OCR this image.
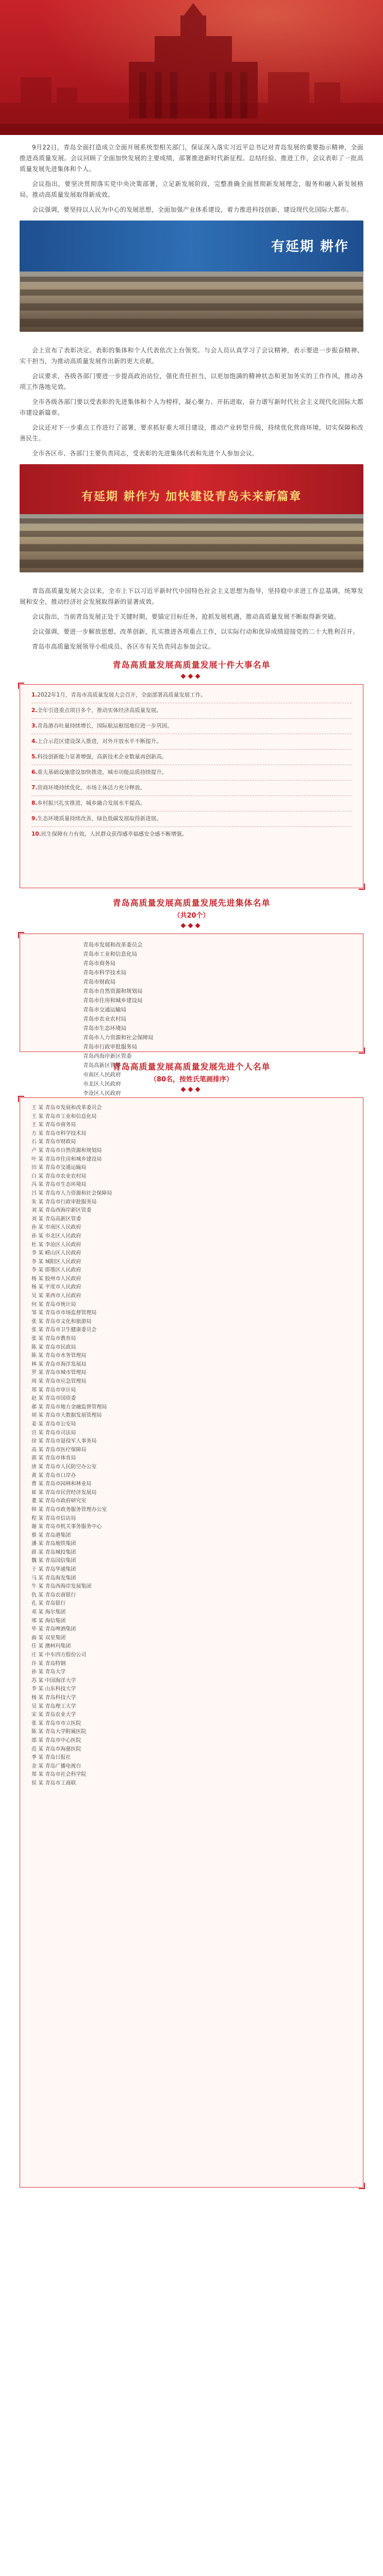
9月22日，青岛全面打造成立全面开展系统型相关部门，保证深入落实习近平总书记对青岛发展的重要指示精神，全面推进高质量发展。会议回顾了全面加快发展的主要成绩，部署推进新时代新征程。总结经验、推进工作，会议表彰了一批高质量发展先进集体和个人。

会议指出，要坚决贯彻落实党中央决策部署，立足新发展阶段，完整准确全面贯彻新发展理念，服务和融入新发展格局。推动高质量发展取得新成效。

会议强调，要坚持以人民为中心的发展思想，全面加强产业体系建设，着力推进科技创新，建设现代化国际大都市。

有延期 耕作

会上宣布了表彰决定。表彰的集体和个人代表依次上台领奖。与会人员认真学习了会议精神，表示要进一步振奋精神、实干担当，为推动高质量发展作出新的更大贡献。

会议要求，各级各部门要进一步提高政治站位，强化责任担当，以更加饱满的精神状态和更加务实的工作作风，推动各项工作落地见效。

全市各级各部门要以受表彰的先进集体和个人为榜样，凝心聚力、开拓进取，奋力谱写新时代社会主义现代化国际大都市建设新篇章。

会议还对下一步重点工作进行了部署，要求抓好重大项目建设，推动产业转型升级，持续优化营商环境，切实保障和改善民生。

全市各区市、各部门主要负责同志，受表彰的先进集体代表和先进个人参加会议。

有延期 耕作为 加快建设青岛未来新篇章

青岛高质量发展大会以来，全市上下以习近平新时代中国特色社会主义思想为指导，坚持稳中求进工作总基调，统筹发展和安全，推动经济社会发展取得新的显著成效。

会议指出，当前青岛发展正处于关键时期，要锚定目标任务，抢抓发展机遇，推动高质量发展不断取得新突破。

会议强调，要进一步解放思想、改革创新，扎实推进各项重点工作，以实际行动和优异成绩迎接党的二十大胜利召开。

青岛市高质量发展领导小组成员、各区市有关负责同志参加会议。

青岛高质量发展高质量发展十件大事名单
◆◆◆

1.2022年1月，青岛市高质量发展大会召开，全面部署高质量发展工作。

2.全年引进重点项目多个，推动实体经济高质量发展。

3.青岛港吞吐量持续增长，国际航运枢纽地位进一步巩固。

4.上合示范区建设深入推进，对外开放水平不断提升。

5.科技创新能力显著增强，高新技术企业数量再创新高。

6.重大基础设施建设加快推进，城市功能品质持续提升。

7.营商环境持续优化，市场主体活力充分释放。

8.乡村振兴扎实推进，城乡融合发展水平提高。

9.生态环境质量持续改善，绿色低碳发展取得新进展。

10.民生保障有力有效，人民群众获得感幸福感安全感不断增强。

青岛高质量发展高质量发展先进集体名单
（共20个）
◆◆◆
青岛市发展和改革委员会
青岛市工业和信息化局
青岛市商务局
青岛市科学技术局
青岛市财政局
青岛市自然资源和规划局
青岛市住房和城乡建设局
青岛市交通运输局
青岛市农业农村局
青岛市生态环境局
青岛市人力资源和社会保障局
青岛市行政审批服务局
青岛西海岸新区管委
青岛高新区管委
市南区人民政府
市北区人民政府
李沧区人民政府
青岛高质量发展高质量发展先进个人名单
（80名，按姓氏笔画排序）
◆◆◆
王 某 青岛市发展和改革委员会
王 某 青岛市工业和信息化局
王 某 青岛市商务局
方 某 青岛市科学技术局
石 某 青岛市财政局
卢 某 青岛市自然资源和规划局
叶 某 青岛市住房和城乡建设局
田 某 青岛市交通运输局
白 某 青岛市农业农村局
冯 某 青岛市生态环境局
吕 某 青岛市人力资源和社会保障局
朱 某 青岛市行政审批服务局
刘 某 青岛西海岸新区管委
刘 某 青岛高新区管委
孙 某 市南区人民政府
孙 某 市北区人民政府
杜 某 李沧区人民政府
李 某 崂山区人民政府
李 某 城阳区人民政府
李 某 即墨区人民政府
杨 某 胶州市人民政府
杨 某 平度市人民政府
吴 某 莱西市人民政府
何 某 青岛市统计局
邹 某 青岛市市场监督管理局
张 某 青岛市文化和旅游局
张 某 青岛市卫生健康委员会
张 某 青岛市教育局
陈 某 青岛市民政局
陈 某 青岛市水务管理局
林 某 青岛市海洋发展局
罗 某 青岛市城市管理局
周 某 青岛市应急管理局
郑 某 青岛市审计局
赵 某 青岛市国资委
郝 某 青岛市地方金融监督管理局
胡 某 青岛市大数据发展管理局
姜 某 青岛市公安局
宫 某 青岛市司法局
徐 某 青岛市退役军人事务局
高 某 青岛市医疗保障局
郭 某 青岛市体育局
唐 某 青岛市人民防空办公室
黄 某 青岛市口岸办
曹 某 青岛市园林和林业局
崔 某 青岛市民营经济发展局
董 某 青岛市政府研究室
韩 某 青岛市政务服务管理办公室
程 某 青岛市信访局
谢 某 青岛市机关事务服务中心
蔡 某 青岛港集团
潘 某 青岛地铁集团
薛 某 青岛城投集团
魏 某 青岛国信集团
于 某 青岛华通集团
马 某 青岛海发集团
牛 某 青岛西海岸发展集团
仇 某 青岛农商银行
孔 某 青岛银行
邓 某 海尔集团
邢 某 海信集团
毕 某 青岛啤酒集团
曲 某 双星集团
任 某 澳柯玛集团
庄 某 中车四方股份公司
许 某 青岛特钢
孙 某 青岛大学
苏 某 中国海洋大学
李 某 山东科技大学
杨 某 青岛科技大学
吴 某 青岛理工大学
宋 某 青岛农业大学
张 某 青岛市市立医院
陈 某 青岛大学附属医院
邵 某 青岛市中心医院
范 某 青岛市海慈医院
季 某 青岛日报社
金 某 青岛广播电视台
郑 某 青岛市社会科学院
侯 某 青岛市工商联
